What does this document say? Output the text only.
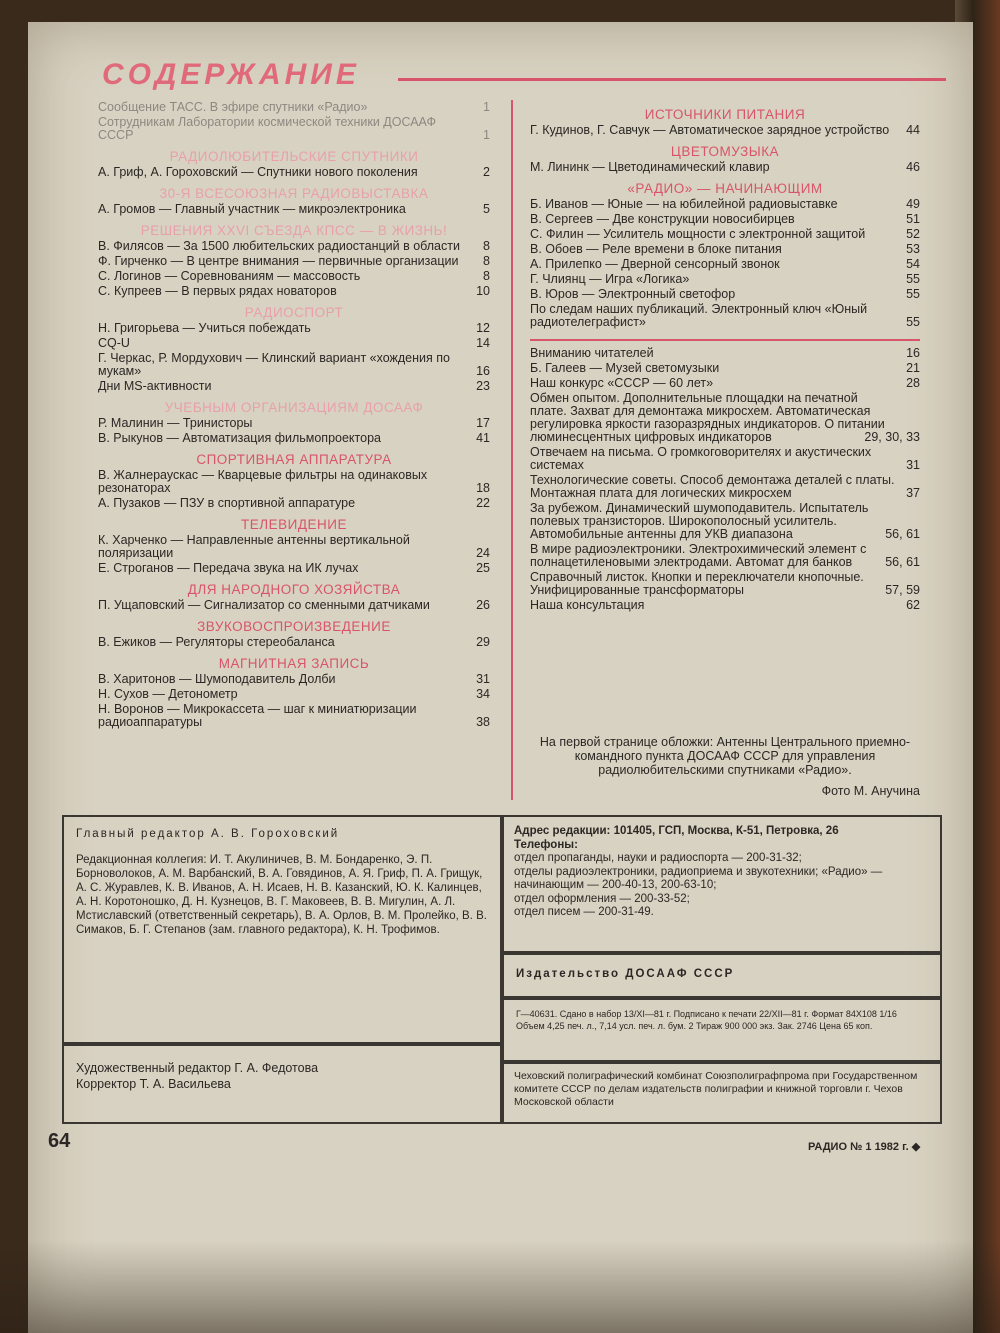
СОДЕРЖАНИЕ
Сообщение ТАСС. В эфире спутники «Радио»	1
Сотрудникам Лаборатории космической техники ДОСААФ СССР	1
РАДИОЛЮБИТЕЛЬСКИЕ СПУТНИКИ
А. Гриф, А. Гороховский — Спутники нового поколения	2
30-Я ВСЕСОЮЗНАЯ РАДИОВЫСТАВКА
А. Громов — Главный участник — микроэлектроника	5
РЕШЕНИЯ XXVI СЪЕЗДА КПСС — В ЖИЗНЬ!
В. Филясов — За 1500 любительских радиостанций в области 8
Ф. Гирченко — В центре внимания — первичные организации 8
С. Логинов — Соревнованиям — массовость	8
С. Купреев — В первых рядах новаторов	10
РАДИОСПОРТ
Н. Григорьева — Учиться побеждать	12
CQ-U	14
Г. Черкас, Р. Мордухович — Клинский вариант «хождения по мукам»	16
Дни MS-активности	23
УЧЕБНЫМ ОРГАНИЗАЦИЯМ ДОСААФ
Р. Малинин — Тринисторы	17
В. Рыкунов — Автоматизация фильмопроектора	41
СПОРТИВНАЯ АППАРАТУРА
В. Жалнераускас — Кварцевые фильтры на одинаковых резонаторах	18
А. Пузаков — ПЗУ в спортивной аппаратуре	22
ТЕЛЕВИДЕНИЕ
К. Харченко — Направленные антенны вертикальной поляризации	24
Е. Строганов — Передача звука на ИК лучах	25
ДЛЯ НАРОДНОГО ХОЗЯЙСТВА
П. Ущаповский — Сигнализатор со сменными датчиками	26
ЗВУКОВОСПРОИЗВЕДЕНИЕ
В. Ежиков — Регуляторы стереобаланса	29
МАГНИТНАЯ ЗАПИСЬ
В. Харитонов — Шумоподавитель Долби	31
Н. Сухов — Детонометр	34
Н. Воронов — Микрокассета — шаг к миниатюризации радиоаппаратуры	38
ИСТОЧНИКИ ПИТАНИЯ
Г. Кудинов, Г. Савчук — Автоматическое зарядное устройство 44
ЦВЕТОМУЗЫКА
М. Лининк — Цветодинамический клавир	46
«РАДИО» — НАЧИНАЮЩИМ
Б. Иванов — Юные — на юбилейной радиовыставке	49
В. Сергеев — Две конструкции новосибирцев	51
С. Филин — Усилитель мощности с электронной защитой	52
В. Обоев — Реле времени в блоке питания	53
А. Прилепко — Дверной сенсорный звонок	54
Г. Члиянц — Игра «Логика»	55
В. Юров — Электронный светофор	55
По следам наших публикаций. Электронный ключ «Юный радиотелеграфист»	55
Вниманию читателей	16
Б. Галеев — Музей светомузыки	21
Наш конкурс «СССР — 60 лет»	28
Обмен опытом. Дополнительные площадки на печатной плате. Захват для демонтажа микросхем. Автоматическая регулировка яркости газоразрядных индикаторов. О питании люминесцентных цифровых индикаторов	29, 30, 33
Отвечаем на письма. О громкоговорителях и акустических системах	31
Технологические советы. Способ демонтажа деталей с платы. Монтажная плата для логических микросхем	37
За рубежом. Динамический шумоподавитель. Испытатель полевых транзисторов. Широкополосный усилитель. Автомобильные антенны для УКВ диапазона	56, 61
В мире радиоэлектроники. Электрохимический элемент с полнацетиленовыми электродами. Автомат для банков	56, 61
Справочный листок. Кнопки и переключатели кнопочные. Унифицированные трансформаторы	57, 59
Наша консультация	62
На первой странице обложки: Антенны Центрального приемно-командного пункта ДОСААФ СССР для управления радиолюбительскими спутниками «Радио».
Фото М. Анучина
Главный редактор А. В. Гороховский
Редакционная коллегия: И. Т. Акулиничев, В. М. Бондаренко, Э. П. Борноволоков, А. М. Варбанский, В. А. Говядинов, А. Я. Гриф, П. А. Грищук, А. С. Журавлев, К. В. Иванов, А. Н. Исаев, Н. В. Казанский, Ю. К. Калинцев, А. Н. Коротоношко, Д. Н. Кузнецов, В. Г. Маковеев, В. В. Мигулин, А. Л. Мстиславский (ответственный секретарь), В. А. Орлов, В. М. Пролейко, В. В. Симаков, Б. Г. Степанов (зам. главного редактора), К. Н. Трофимов.
Адрес редакции: 101405, ГСП, Москва, К-51, Петровка, 26
Телефоны:
отдел пропаганды, науки и радиоспорта — 200-31-32;
отделы радиоэлектроники, радиоприема и звукотехники; «Радио» — начинающим — 200-40-13, 200-63-10;
отдел оформления — 200-33-52;
отдел писем — 200-31-49.
Издательство ДОСААФ СССР
Г—40631. Сдано в набор 13/XI—81 г. Подписано к печати 22/XII—81 г. Формат 84Х108 1/16 Объем 4,25 печ. л., 7,14 усл. печ. л. бум. 2 Тираж 900 000 экз. Зак. 2746 Цена 65 коп.
Художественный редактор Г. А. Федотова
Корректор Т. А. Васильева
Чеховский полиграфический комбинат Союзполиграфпрома при Государственном комитете СССР по делам издательств полиграфии и книжной торговли г. Чехов Московской области
64	РАДИО № 1 1982 г. ◆
